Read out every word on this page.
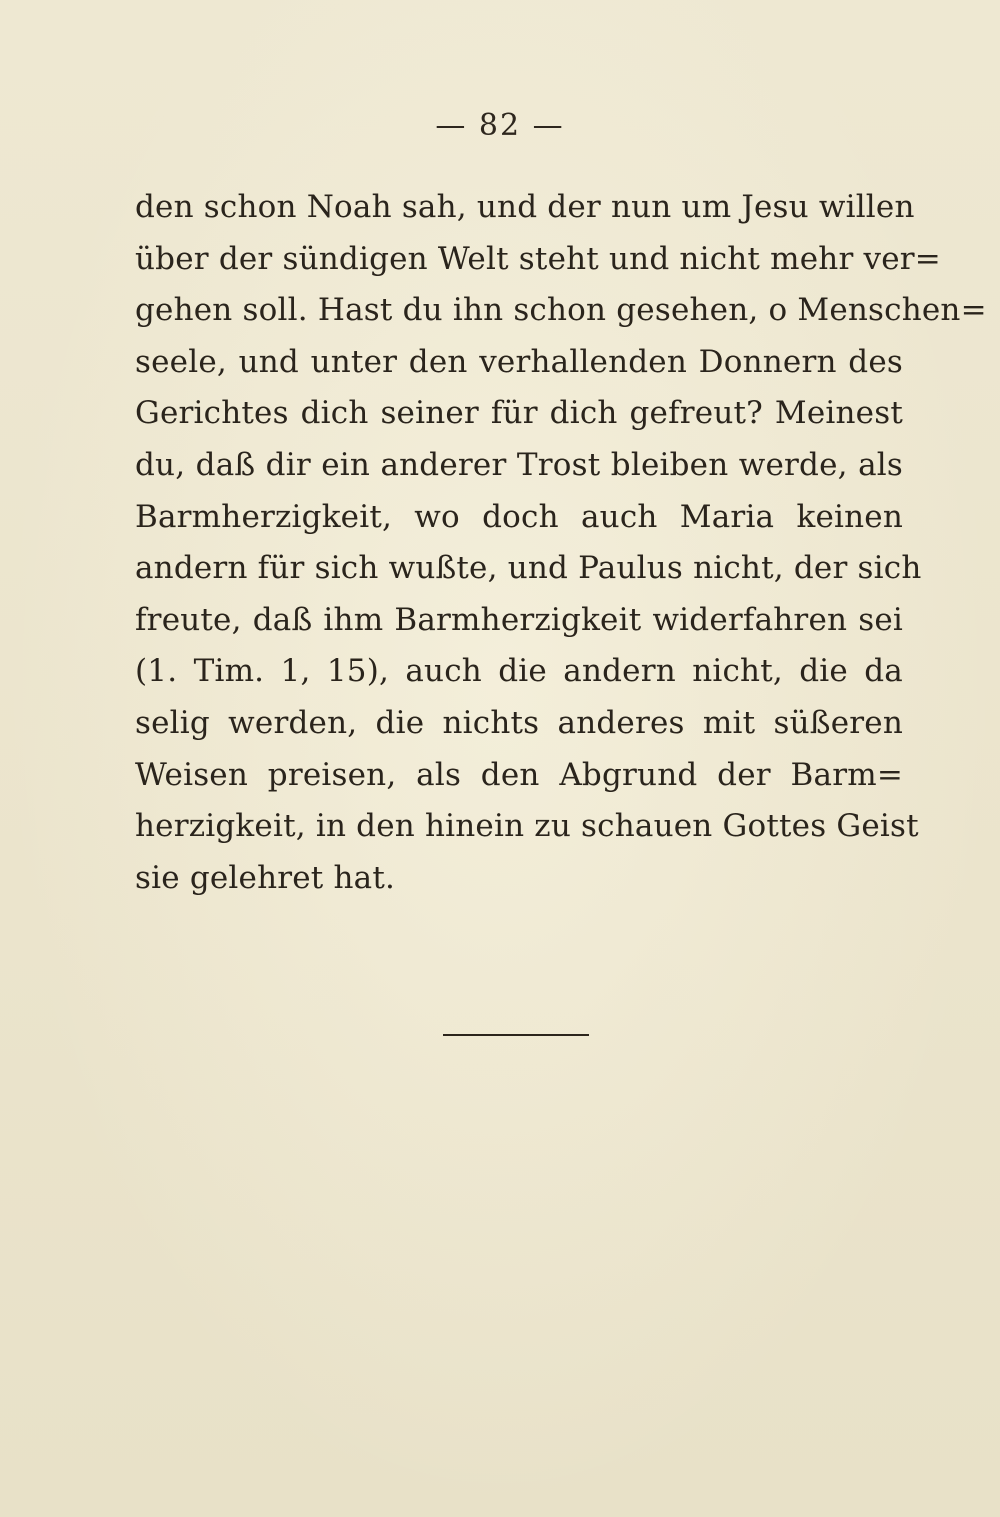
— 82 —
den schon Noah sah, und der nun um Jesu willen
über der sündigen Welt steht und nicht mehr ver=
gehen soll. Hast du ihn schon gesehen, o Menschen=
seele, und unter den verhallenden Donnern des
Gerichtes dich seiner für dich gefreut? Meinest
du, daß dir ein anderer Trost bleiben werde, als
Barmherzigkeit, wo doch auch Maria keinen
andern für sich wußte, und Paulus nicht, der sich
freute, daß ihm Barmherzigkeit widerfahren sei
(1. Tim. 1, 15), auch die andern nicht, die da
selig werden, die nichts anderes mit süßeren
Weisen preisen, als den Abgrund der Barm=
herzigkeit, in den hinein zu schauen Gottes Geist
sie gelehret hat.
